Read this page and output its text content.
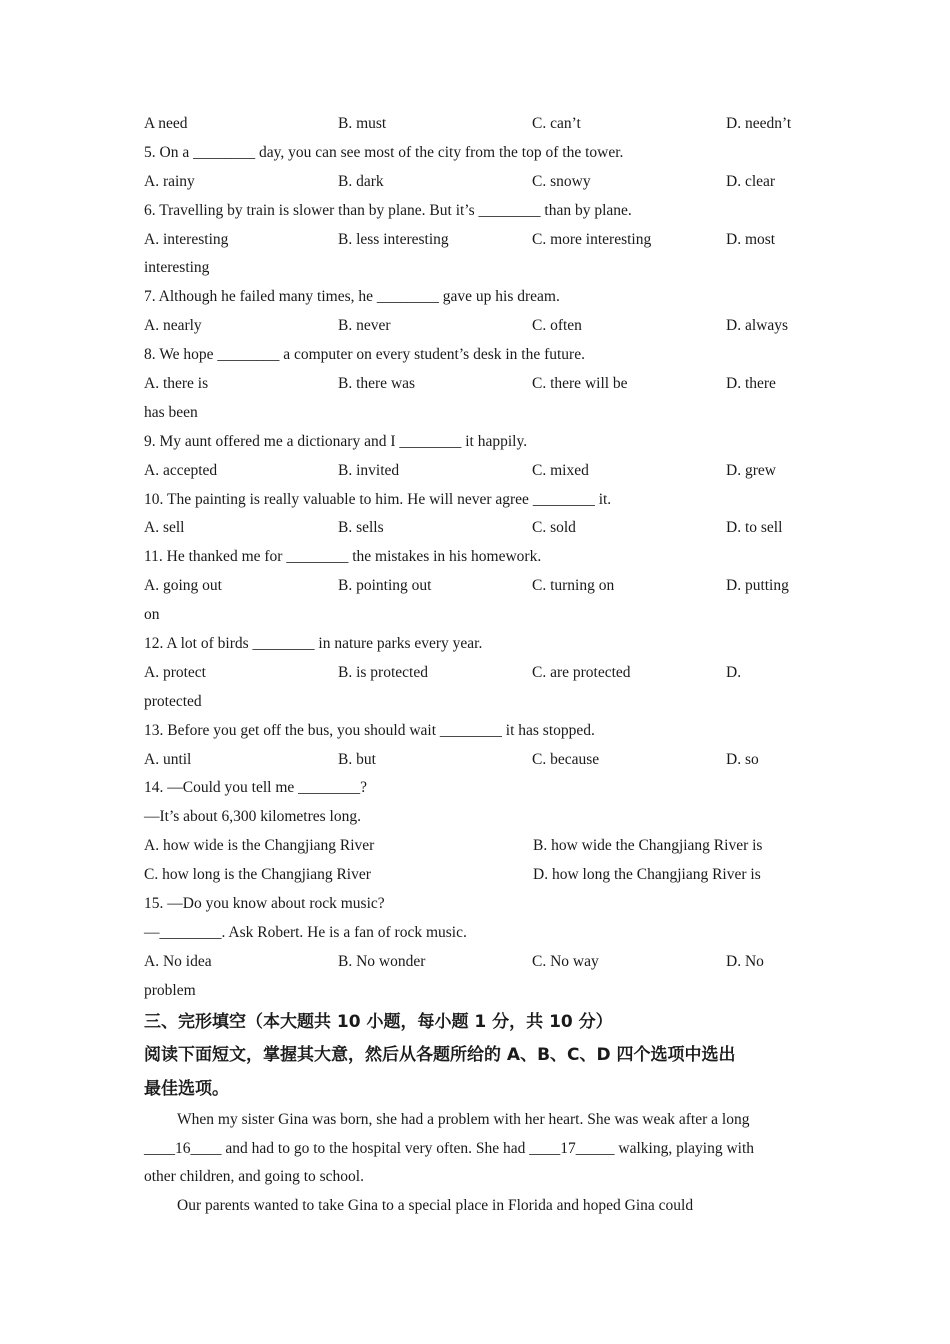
A need	B. must	C. can’t	D. needn’t
5. On a ________ day, you can see most of the city from the top of the tower.
A. rainy	B. dark	C. snowy	D. clear
6. Travelling by train is slower than by plane. But it’s ________ than by plane.
A. interesting	B. less interesting	C. more interesting	D. most
interesting
7. Although he failed many times, he ________ gave up his dream.
A. nearly	B. never	C. often	D. always
8. We hope ________ a computer on every student’s desk in the future.
A. there is	B. there was	C. there will be	D. there
has been
9. My aunt offered me a dictionary and I ________ it happily.
A. accepted	B. invited	C. mixed	D. grew
10. The painting is really valuable to him. He will never agree ________ it.
A. sell	B. sells	C. sold	D. to sell
11. He thanked me for ________ the mistakes in his homework.
A. going out	B. pointing out	C. turning on	D. putting
on
12. A lot of birds ________ in nature parks every year.
A. protect	B. is protected	C. are protected	D.
protected
13. Before you get off the bus, you should wait ________ it has stopped.
A. until	B. but	C. because	D. so
14. —Could you tell me ________?
—It’s about 6,300 kilometres long.
A. how wide is the Changjiang River	B. how wide the Changjiang River is
C. how long is the Changjiang River	D. how long the Changjiang River is
15. —Do you know about rock music?
—________. Ask Robert. He is a fan of rock music.
A. No idea	B. No wonder	C. No way	D. No
problem
三、完形填空（本大题共 10 小题，每小题 1 分，共 10 分）
阅读下面短文，掌握其大意，然后从各题所给的 A、B、C、D 四个选项中选出
最佳选项。
When my sister Gina was born, she had a problem with her heart. She was weak after a long
____16____ and had to go to the hospital very often. She had ____17_____ walking, playing with
other children, and going to school.
Our parents wanted to take Gina to a special place in Florida and hoped Gina could
